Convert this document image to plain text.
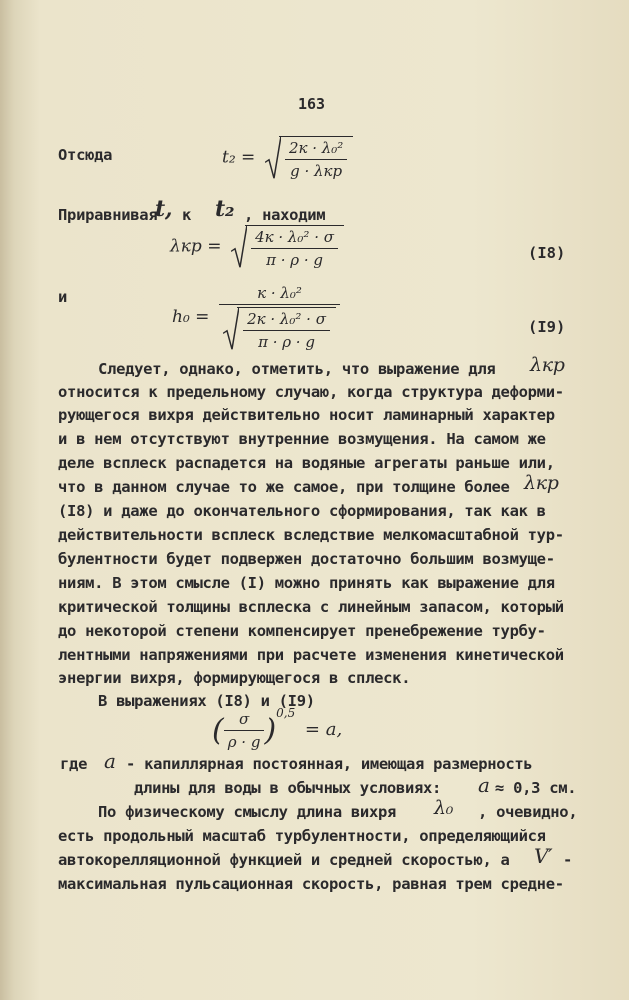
163
Отсюда	$t_2 = \frac{\text{2к · λ₀²}}{\text{g · λкр}}$
Приравнивая
t, к t₂ , находим
$\lambda кр = \frac{\text{4к · λ₀² · σ}}{\pi \cdot \rho \cdot g}$	(I8)
и
$h_0 = \frac{\text{к · λ₀²}}{\frac{\text{2к · λ₀² · σ}}{\pi \cdot \rho \cdot g}}$	(I9)
Следует, однако, отметить, что выражение для λкр
относится к предельному случаю, когда структура деформи-
рующегося вихря действительно носит ламинарный характер
и в нем отсутствуют внутренние возмущения. На самом же
деле всплеск распадется на водяные агрегаты раньше или,
что в данном случае то же самое, при толщине более λкр
(I8) и даже до окончательного сформирования, так как в
действительности всплеск вследствие мелкомасштабной тур-
булентности будет подвержен достаточно большим возмуще-
ниям. В этом смысле (I) можно принять как выражение для
критической толщины всплеска с линейным запасом, который
до некоторой степени компенсирует пренебрежение турбу-
лентными напряжениями при расчете изменения кинетической
энергии вихря, формирующегося в сплеск.
В выражениях (I8) и (I9)
( $\frac{\sigma}{\rho \cdot g} )^{0,5} = a$,
где a - капиллярная постоянная, имеющая размерность
длины для воды в обычных условиях: a ≈ 0,3 см.
По физическому смыслу длина вихря λ₀ , очевидно,
есть продольный масштаб турбулентности, определяющийся
автокорелляционной функцией и средней скоростью, а V′ -
максимальная пульсационная скорость, равная трем средне-
